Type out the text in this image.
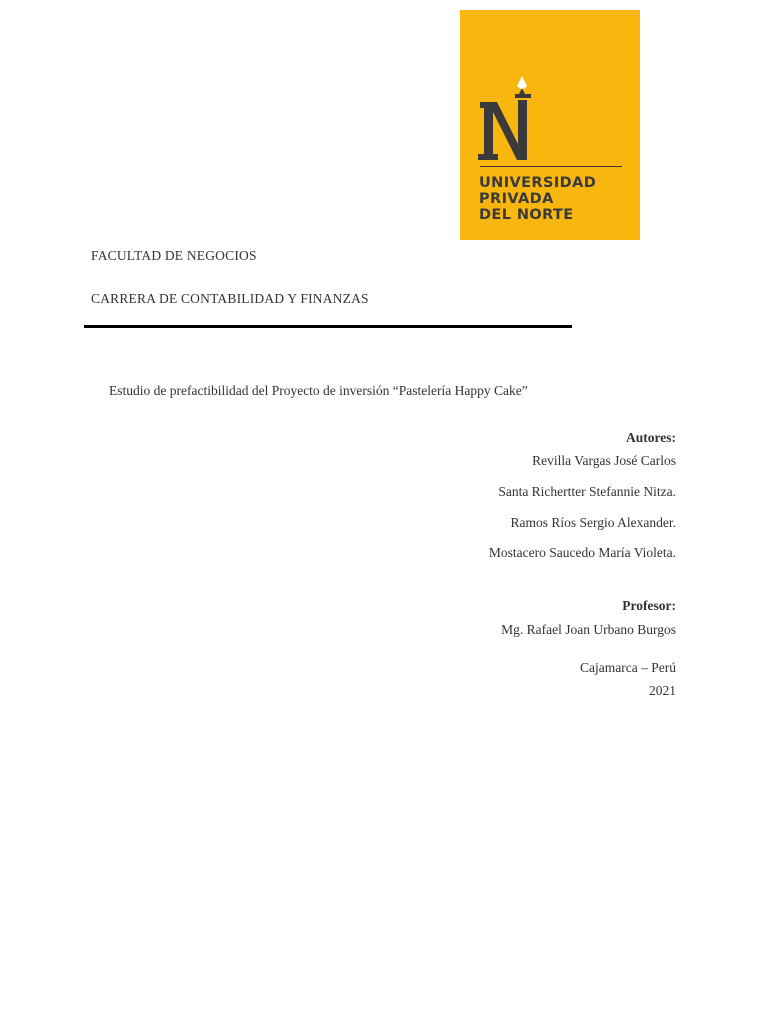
UNIVERSIDAD
PRIVADA
DEL NORTE
FACULTAD DE NEGOCIOS
CARRERA DE CONTABILIDAD Y FINANZAS
Estudio de prefactibilidad del Proyecto de inversión “Pastelería Happy Cake”
Autores:
Revilla Vargas José Carlos
Santa Richertter Stefannie Nitza.
Ramos Ríos Sergio Alexander.
Mostacero Saucedo María Violeta.
Profesor:
Mg. Rafael Joan Urbano Burgos
Cajamarca – Perú
2021
